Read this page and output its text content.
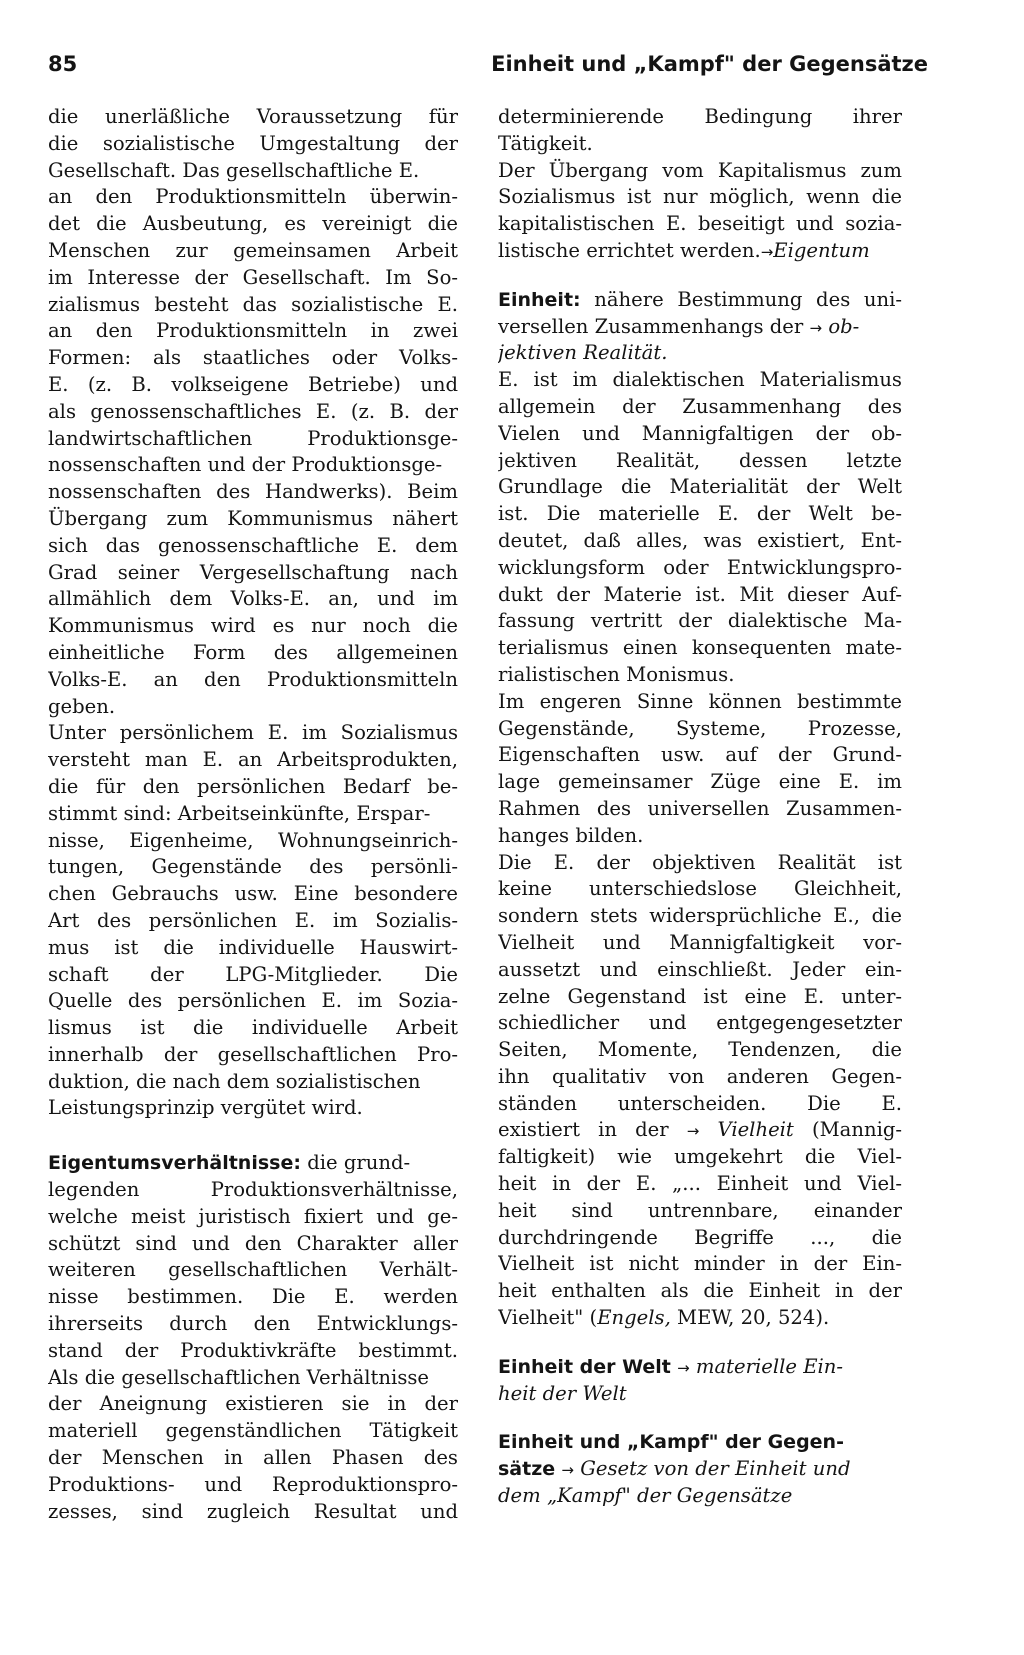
85	Einheit und „Kampf" der Gegensätze
die unerläßliche Voraussetzung für
die sozialistische Umgestaltung der
Gesellschaft. Das gesellschaftliche E.
an den Produktionsmitteln überwin-
det die Ausbeutung, es vereinigt die
Menschen zur gemeinsamen Arbeit
im Interesse der Gesellschaft. Im So-
zialismus besteht das sozialistische E.
an den Produktionsmitteln in zwei
Formen: als staatliches oder Volks-
E. (z. B. volkseigene Betriebe) und
als genossenschaftliches E. (z. B. der
landwirtschaftlichen Produktionsge-
nossenschaften und der Produktionsge-
nossenschaften des Handwerks). Beim
Übergang zum Kommunismus nähert
sich das genossenschaftliche E. dem
Grad seiner Vergesellschaftung nach
allmählich dem Volks-E. an, und im
Kommunismus wird es nur noch die
einheitliche Form des allgemeinen
Volks-E. an den Produktionsmitteln
geben.
Unter persönlichem E. im Sozialismus
versteht man E. an Arbeitsprodukten,
die für den persönlichen Bedarf be-
stimmt sind: Arbeitseinkünfte, Erspar-
nisse, Eigenheime, Wohnungseinrich-
tungen, Gegenstände des persönli-
chen Gebrauchs usw. Eine besondere
Art des persönlichen E. im Sozialis-
mus ist die individuelle Hauswirt-
schaft der LPG-Mitglieder. Die
Quelle des persönlichen E. im Sozia-
lismus ist die individuelle Arbeit
innerhalb der gesellschaftlichen Pro-
duktion, die nach dem sozialistischen
Leistungsprinzip vergütet wird.
Eigentumsverhältnisse: die grund-
legenden Produktionsverhältnisse,
welche meist juristisch fixiert und ge-
schützt sind und den Charakter aller
weiteren gesellschaftlichen Verhält-
nisse bestimmen. Die E. werden
ihrerseits durch den Entwicklungs-
stand der Produktivkräfte bestimmt.
Als die gesellschaftlichen Verhältnisse
der Aneignung existieren sie in der
materiell gegenständlichen Tätigkeit
der Menschen in allen Phasen des
Produktions- und Reproduktionspro-
zesses, sind zugleich Resultat und
determinierende Bedingung ihrer
Tätigkeit.
Der Übergang vom Kapitalismus zum
Sozialismus ist nur möglich, wenn die
kapitalistischen E. beseitigt und sozia-
listische errichtet werden.→Eigentum
Einheit: nähere Bestimmung des uni-
versellen Zusammenhangs der → ob-
jektiven Realität.
E. ist im dialektischen Materialismus
allgemein der Zusammenhang des
Vielen und Mannigfaltigen der ob-
jektiven Realität, dessen letzte
Grundlage die Materialität der Welt
ist. Die materielle E. der Welt be-
deutet, daß alles, was existiert, Ent-
wicklungsform oder Entwicklungspro-
dukt der Materie ist. Mit dieser Auf-
fassung vertritt der dialektische Ma-
terialismus einen konsequenten mate-
rialistischen Monismus.
Im engeren Sinne können bestimmte
Gegenstände, Systeme, Prozesse,
Eigenschaften usw. auf der Grund-
lage gemeinsamer Züge eine E. im
Rahmen des universellen Zusammen-
hanges bilden.
Die E. der objektiven Realität ist
keine unterschiedslose Gleichheit,
sondern stets widersprüchliche E., die
Vielheit und Mannigfaltigkeit vor-
aussetzt und einschließt. Jeder ein-
zelne Gegenstand ist eine E. unter-
schiedlicher und entgegengesetzter
Seiten, Momente, Tendenzen, die
ihn qualitativ von anderen Gegen-
ständen unterscheiden. Die E.
existiert in der → Vielheit (Mannig-
faltigkeit) wie umgekehrt die Viel-
heit in der E. „... Einheit und Viel-
heit sind untrennbare, einander
durchdringende Begriffe ..., die
Vielheit ist nicht minder in der Ein-
heit enthalten als die Einheit in der
Vielheit" (Engels, MEW, 20, 524).
Einheit der Welt → materielle Ein-
heit der Welt
Einheit und „Kampf" der Gegen-
sätze → Gesetz von der Einheit und
dem „Kampf" der Gegensätze
